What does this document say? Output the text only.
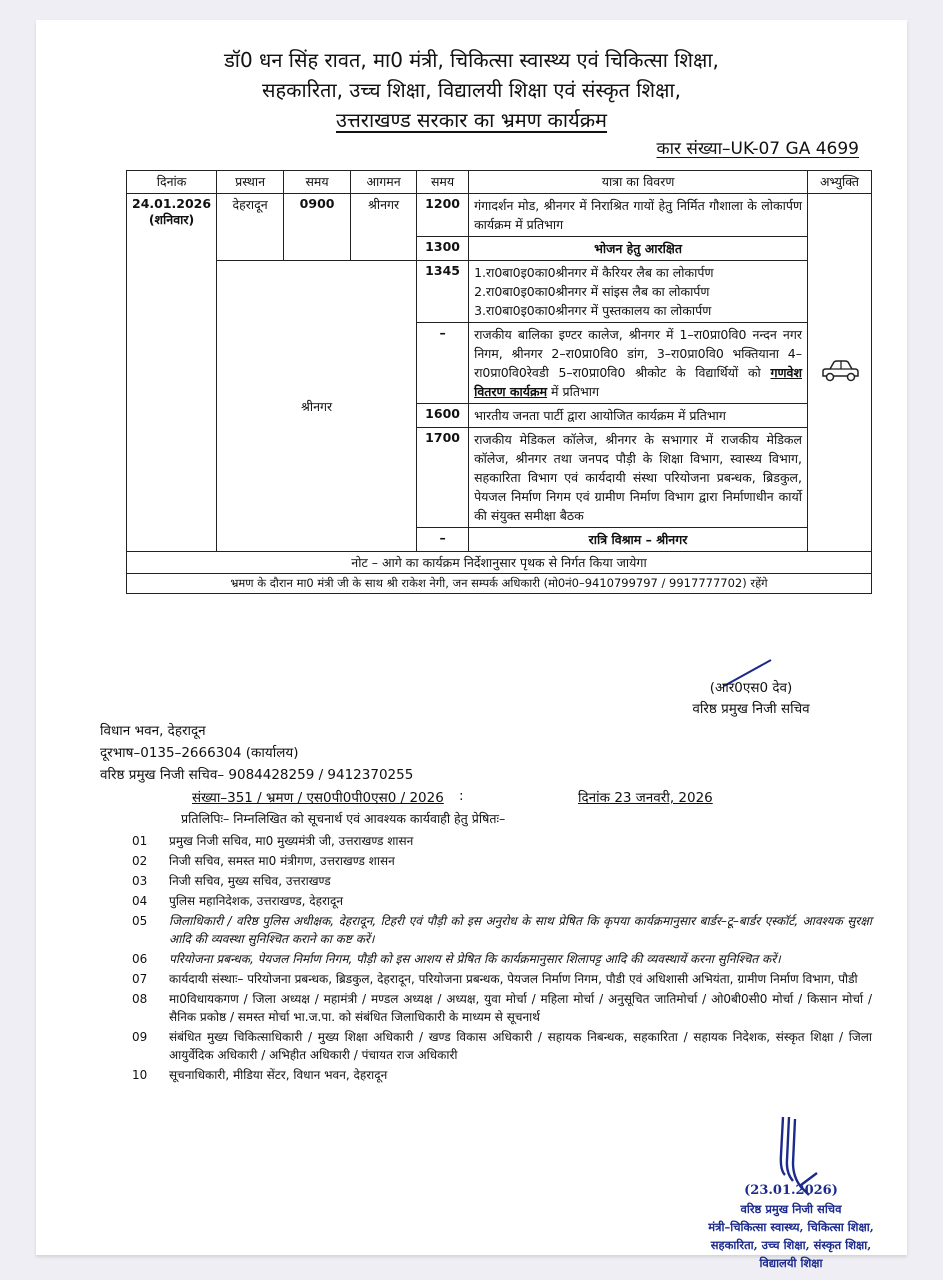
डॉ0 धन सिंह रावत, मा0 मंत्री, चिकित्सा स्वास्थ्य एवं चिकित्सा शिक्षा,
सहकारिता, उच्च शिक्षा, विद्यालयी शिक्षा एवं संस्कृत शिक्षा,
उत्तराखण्ड सरकार का भ्रमण कार्यक्रम
कार संख्या–UK-07 GA 4699
दिनांक	प्रस्थान	समय	आगमन	समय	यात्रा का विवरण	अभ्युक्ति

24.01.2026
(शनिवार)	देहरादून	0900	श्रीनगर	1200	गंगादर्शन मोड, श्रीनगर में निराश्रित गायों हेतु निर्मित गौशाला के लोकार्पण कार्यक्रम में प्रतिभाग	
				1300	भोजन हेतु आरक्षित	
	श्रीनगर			1345	1.रा0बा0इ0का0श्रीनगर में कैरियर लैब का लोकार्पण
2.रा0बा0इ0का0श्रीनगर में सांइस लैब का लोकार्पण
3.रा0बा0इ0का0श्रीनगर में पुस्तकालय का लोकार्पण	

				–	राजकीय बालिका इण्टर कालेज, श्रीनगर में 1–रा0प्रा0वि0 नन्दन नगर निगम, श्रीनगर 2–रा0प्रा0वि0 डांग, 3–रा0प्रा0वि0 भक्तियाना 4–रा0प्रा0वि0रेवडी 5–रा0प्रा0वि0 श्रीकोट के विद्यार्थियों को गणवेश वितरण कार्यक्रम में प्रतिभाग	
				1600	भारतीय जनता पार्टी द्वारा आयोजित कार्यक्रम में प्रतिभाग	
				1700	राजकीय मेडिकल कॉलेज, श्रीनगर के सभागार में राजकीय मेडिकल कॉलेज, श्रीनगर तथा जनपद पौड़ी के शिक्षा विभाग, स्वास्थ्य विभाग, सहकारिता विभाग एवं कार्यदायी संस्था परियोजना प्रबन्धक, ब्रिडकुल, पेयजल निर्माण निगम एवं ग्रामीण निर्माण विभाग द्वारा निर्माणाधीन कार्यो की संयुक्त समीक्षा बैठक	
				–	रात्रि विश्राम – श्रीनगर	
नोट – आगे का कार्यक्रम निर्देशानुसार पृथक से निर्गत किया जायेगा						
भ्रमण के दौरान मा0 मंत्री जी के साथ श्री राकेश नेगी, जन सम्पर्क अधिकारी (मो0नं0–9410799797 / 9917777702) रहेंगे						
(आर0एस0 देव)
वरिष्ठ प्रमुख निजी सचिव
विधान भवन, देहरादून
दूरभाष–0135–2666304 (कार्यालय)
वरिष्ठ प्रमुख निजी सचिव– 9084428259 / 9412370255
संख्या–351 / भ्रमण / एस0पी0पी0एस0 / 2026 :	दिनांक 23 जनवरी, 2026
प्रतिलिपिः– निम्नलिखित को सूचनार्थ एवं आवश्यक कार्यवाही हेतु प्रेषितः–
01	प्रमुख निजी सचिव, मा0 मुख्यमंत्री जी, उत्तराखण्ड शासन
02	निजी सचिव, समस्त मा0 मंत्रीगण, उत्तराखण्ड शासन
03	निजी सचिव, मुख्य सचिव, उत्तराखण्ड
04	पुलिस महानिदेशक, उत्तराखण्ड, देहरादून
05	जिलाधिकारी / वरिष्ठ पुलिस अधीक्षक, देहरादून, टिहरी एवं पौड़ी को इस अनुरोध के साथ प्रेषित कि कृपया कार्यक्रमानुसार बार्डर–टू–बार्डर एस्कॉर्ट, आवश्यक सुरक्षा आदि की व्यवस्था सुनिश्चित कराने का कष्ट करें।
06	परियोजना प्रबन्धक, पेयजल निर्माण निगम, पौड़ी को इस आशय से प्रेषित कि कार्यक्रमानुसार शिलापट्ट आदि की व्यवस्थायें करना सुनिश्चित करें।
07	कार्यदायी संस्थाः– परियोजना प्रबन्धक, ब्रिडकुल, देहरादून, परियोजना प्रबन्धक, पेयजल निर्माण निगम, पौडी एवं अधिशासी अभियंता, ग्रामीण निर्माण विभाग, पौडी
08	मा0विधायकगण / जिला अध्यक्ष / महामंत्री / मण्डल अध्यक्ष / अध्यक्ष, युवा मोर्चा / महिला मोर्चा / अनुसूचित जातिमोर्चा / ओ0बी0सी0 मोर्चा / किसान मोर्चा / सैनिक प्रकोष्ठ / समस्त मोर्चा भा.ज.पा. को संबंधित जिलाधिकारी के माध्यम से सूचनार्थ
09	संबंधित मुख्य चिकित्साधिकारी / मुख्य शिक्षा अधिकारी / खण्ड विकास अधिकारी / सहायक निबन्धक, सहकारिता / सहायक निदेशक, संस्कृत शिक्षा / जिला आयुर्वेदिक अधिकारी / अभिहीत अधिकारी / पंचायत राज अधिकारी
10	सूचनाधिकारी, मीडिया सेंटर, विधान भवन, देहरादून
(23.01.2026)
वरिष्ठ प्रमुख निजी सचिव
मंत्री–चिकित्सा स्वास्थ्य, चिकित्सा शिक्षा,
सहकारिता, उच्च शिक्षा, संस्कृत शिक्षा,
विद्यालयी शिक्षा
